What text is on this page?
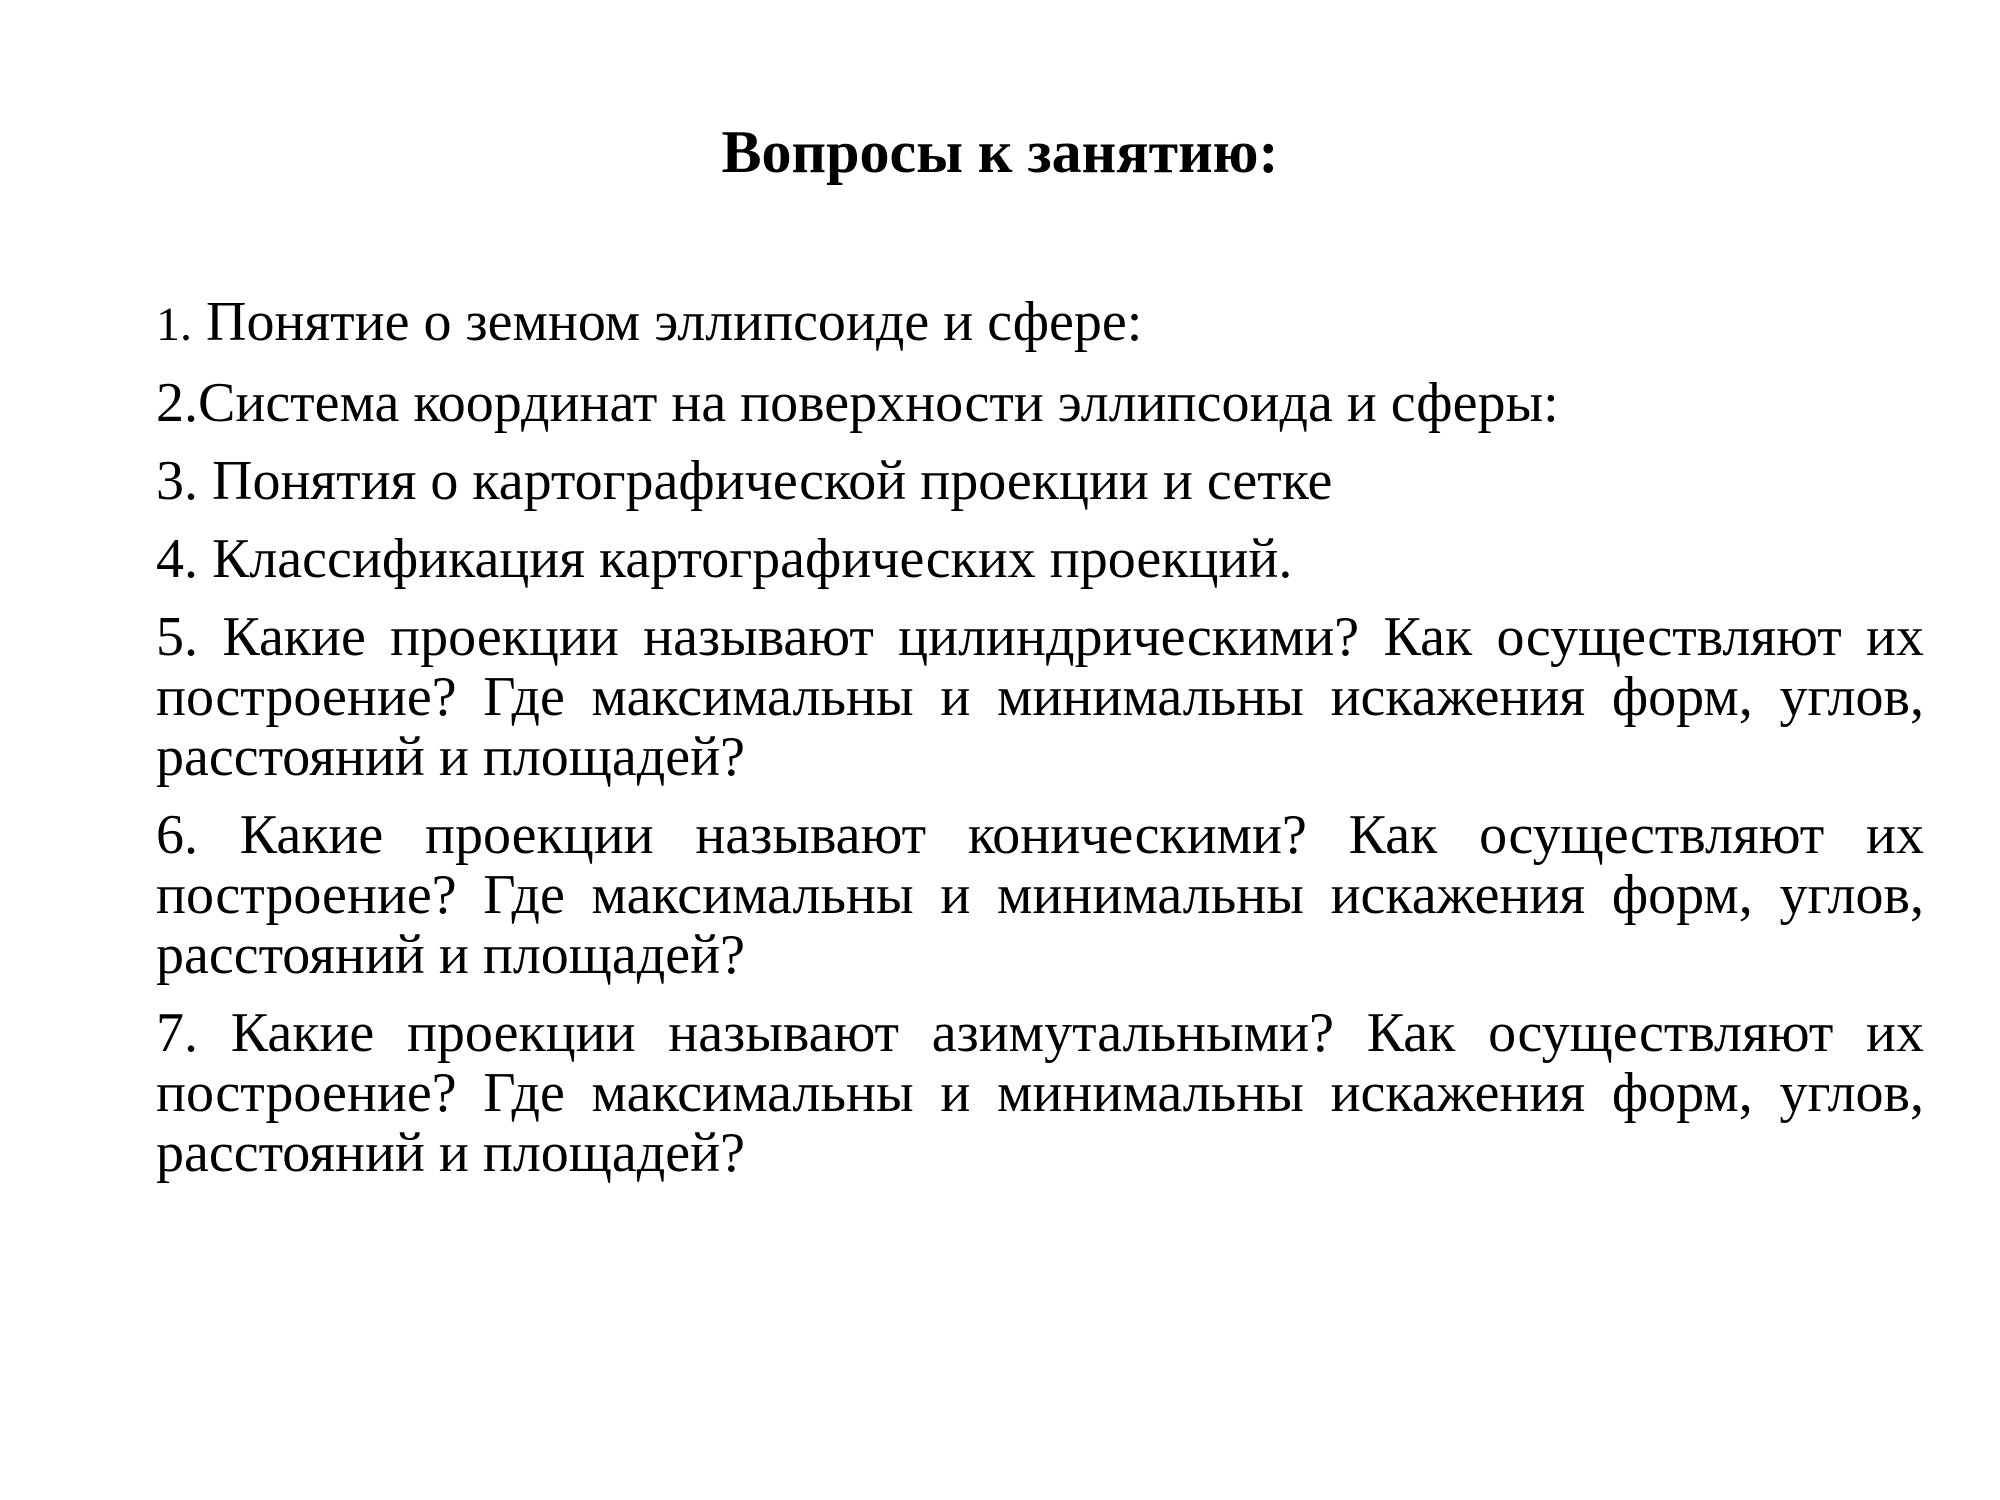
Вопросы к занятию:
1. Понятие о земном эллипсоиде и сфере:
2.Система координат на поверхности эллипсоида и сферы:
3. Понятия о картографической проекции и сетке
4. Классификация картографических проекций.
5. Какие проекции называют цилиндрическими? Как осуществляют их построение? Где максимальны и минимальны искажения форм, углов, расстояний и площадей?
6. Какие проекции называют коническими? Как осуществляют их построение? Где максимальны и минимальны искажения форм, углов, расстояний и площадей?
7. Какие проекции называют азимутальными? Как осуществляют их построение? Где максимальны и минимальны искажения форм, углов, расстояний и площадей?
